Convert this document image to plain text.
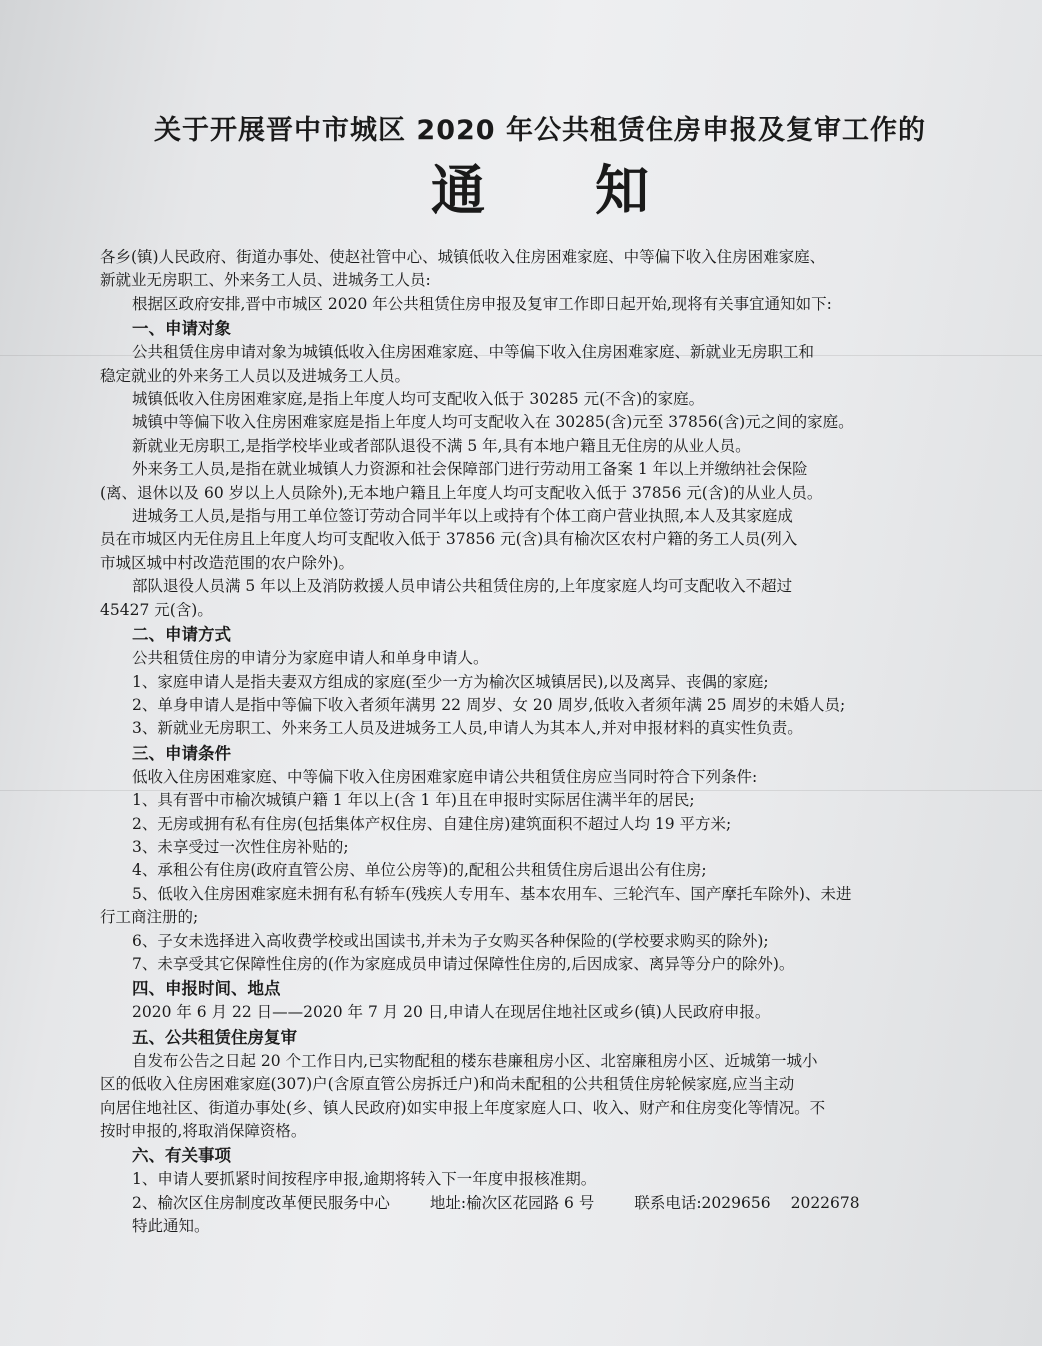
关于开展晋中市城区 2020 年公共租赁住房申报及复审工作的
通知

各乡(镇)人民政府、街道办事处、使赵社管中心、城镇低收入住房困难家庭、中等偏下收入住房困难家庭、

新就业无房职工、外来务工人员、进城务工人员:

根据区政府安排,晋中市城区 2020 年公共租赁住房申报及复审工作即日起开始,现将有关事宜通知如下:

一、申请对象

公共租赁住房申请对象为城镇低收入住房困难家庭、中等偏下收入住房困难家庭、新就业无房职工和

稳定就业的外来务工人员以及进城务工人员。

城镇低收入住房困难家庭,是指上年度人均可支配收入低于 30285 元(不含)的家庭。

城镇中等偏下收入住房困难家庭是指上年度人均可支配收入在 30285(含)元至 37856(含)元之间的家庭。

新就业无房职工,是指学校毕业或者部队退役不满 5 年,具有本地户籍且无住房的从业人员。

外来务工人员,是指在就业城镇人力资源和社会保障部门进行劳动用工备案 1 年以上并缴纳社会保险

(离、退休以及 60 岁以上人员除外),无本地户籍且上年度人均可支配收入低于 37856 元(含)的从业人员。

进城务工人员,是指与用工单位签订劳动合同半年以上或持有个体工商户营业执照,本人及其家庭成

员在市城区内无住房且上年度人均可支配收入低于 37856 元(含)具有榆次区农村户籍的务工人员(列入

市城区城中村改造范围的农户除外)。

部队退役人员满 5 年以上及消防救援人员申请公共租赁住房的,上年度家庭人均可支配收入不超过

45427 元(含)。

二、申请方式

公共租赁住房的申请分为家庭申请人和单身申请人。

1、家庭申请人是指夫妻双方组成的家庭(至少一方为榆次区城镇居民),以及离异、丧偶的家庭;

2、单身申请人是指中等偏下收入者须年满男 22 周岁、女 20 周岁,低收入者须年满 25 周岁的未婚人员;

3、新就业无房职工、外来务工人员及进城务工人员,申请人为其本人,并对申报材料的真实性负责。

三、申请条件

低收入住房困难家庭、中等偏下收入住房困难家庭申请公共租赁住房应当同时符合下列条件:

1、具有晋中市榆次城镇户籍 1 年以上(含 1 年)且在申报时实际居住满半年的居民;

2、无房或拥有私有住房(包括集体产权住房、自建住房)建筑面积不超过人均 19 平方米;

3、未享受过一次性住房补贴的;

4、承租公有住房(政府直管公房、单位公房等)的,配租公共租赁住房后退出公有住房;

5、低收入住房困难家庭未拥有私有轿车(残疾人专用车、基本农用车、三轮汽车、国产摩托车除外)、未进

行工商注册的;

6、子女未选择进入高收费学校或出国读书,并未为子女购买各种保险的(学校要求购买的除外);

7、未享受其它保障性住房的(作为家庭成员申请过保障性住房的,后因成家、离异等分户的除外)。

四、申报时间、地点

2020 年 6 月 22 日——2020 年 7 月 20 日,申请人在现居住地社区或乡(镇)人民政府申报。

五、公共租赁住房复审

自发布公告之日起 20 个工作日内,已实物配租的楼东巷廉租房小区、北窑廉租房小区、近城第一城小

区的低收入住房困难家庭(307)户(含原直管公房拆迁户)和尚未配租的公共租赁住房轮候家庭,应当主动

向居住地社区、街道办事处(乡、镇人民政府)如实申报上年度家庭人口、收入、财产和住房变化等情况。不

按时申报的,将取消保障资格。

六、有关事项

1、申请人要抓紧时间按程序申报,逾期将转入下一年度申报核准期。

2、榆次区住房制度改革便民服务中心	地址:榆次区花园路 6 号	联系电话:2029656 2022678

特此通知。
